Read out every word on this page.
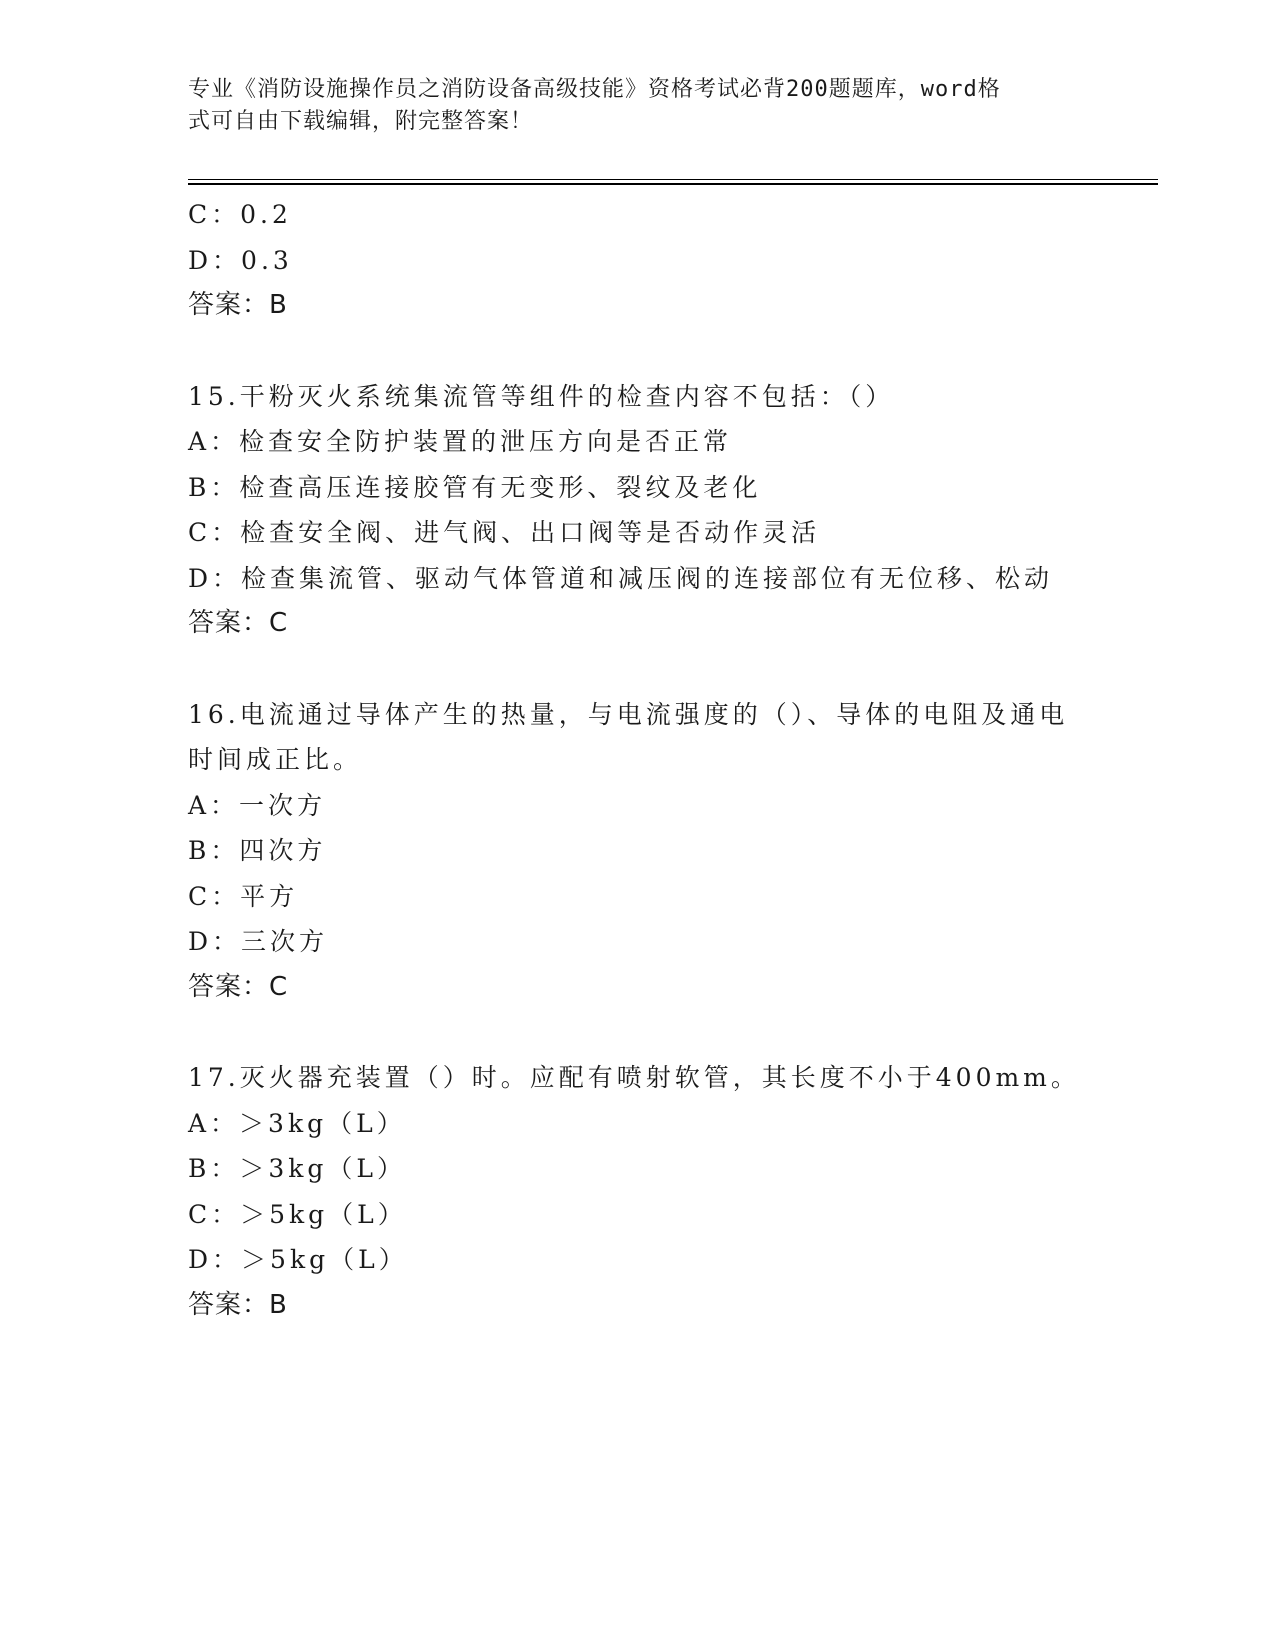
专业《消防设施操作员之消防设备高级技能》资格考试必背200题题库，word格
式可自由下载编辑，附完整答案！
C：0.2
D：0.3
答案：B
15.干粉灭火系统集流管等组件的检查内容不包括：（）
A：检查安全防护装置的泄压方向是否正常
B：检查高压连接胶管有无变形、裂纹及老化
C：检查安全阀、进气阀、出口阀等是否动作灵活
D：检查集流管、驱动气体管道和减压阀的连接部位有无位移、松动
答案：C
16.电流通过导体产生的热量，与电流强度的（）、导体的电阻及通电
时间成正比。
A：一次方
B：四次方
C：平方
D：三次方
答案：C
17.灭火器充装置（）时。应配有喷射软管，其长度不小于400mm。
A：＞3kg（L）
B：＞3kg（L）
C：＞5kg（L）
D：＞5kg（L）
答案：B
